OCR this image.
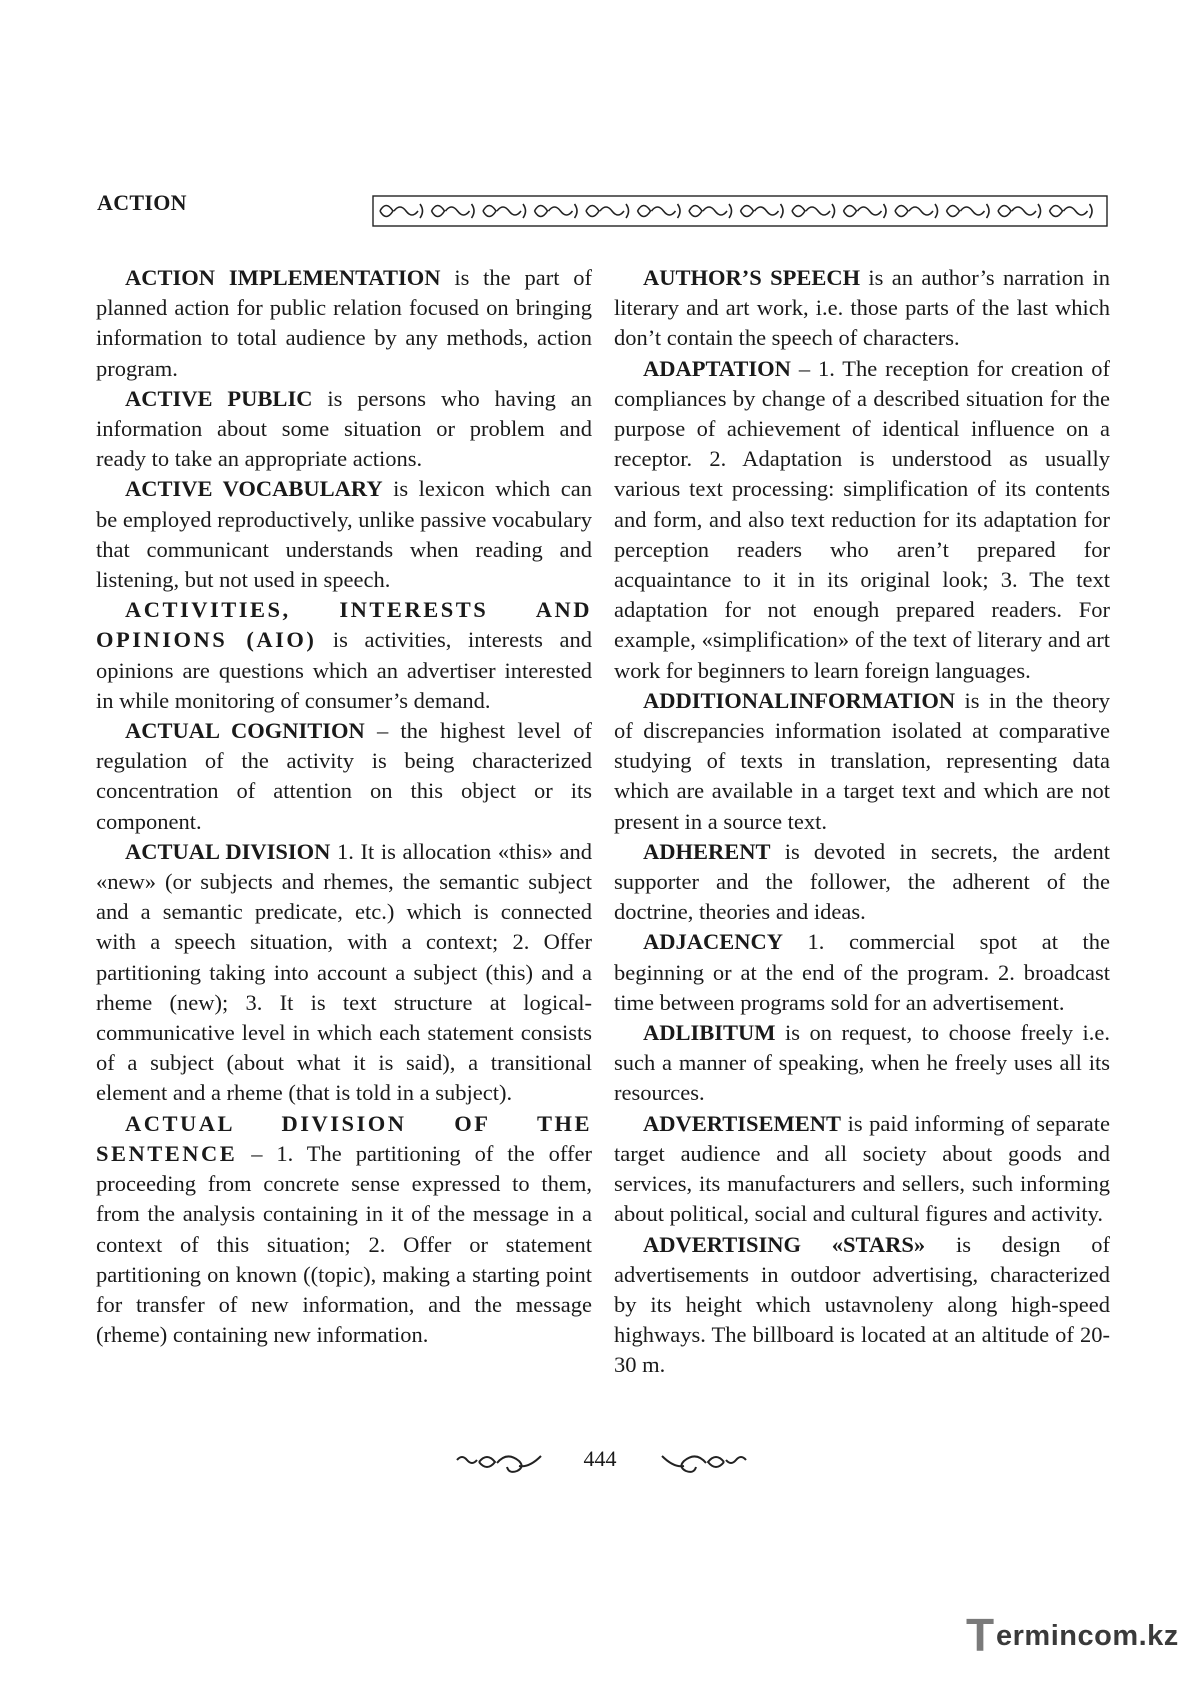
ACTION

ACTION IMPLEMENTATION is the part of planned action for public relation focused on bringing information to total audience by any methods, action program.

ACTIVE PUBLIC is persons who having an information about some situation or problem and ready to take an appropriate actions.

ACTIVE VOCABULARY is lexicon which can be employed reproductively, unlike passive vocabulary that communicant understands when reading and listening, but not used in speech.

ACTIVITIES, INTERESTS AND OPINIONS (AIO) is activities, interests and opinions are questions which an advertiser interested in while monitoring of consumer’s demand.

ACTUAL COGNITION – the highest level of regulation of the activity is being characterized concentration of attention on this object or its component.

ACTUAL DIVISION 1. It is allocation «this» and «new» (or subjects and rhemes, the semantic subject and a semantic predicate, etc.) which is connected with a speech situation, with a context; 2. Offer partitioning taking into account a subject (this) and a rheme (new); 3. It is text structure at logical-communicative level in which each statement consists of a subject (about what it is said), a transitional element and a rheme (that is told in a subject).

ACTUAL DIVISION OF THE SENTENCE – 1. The partitioning of the offer proceeding from concrete sense expressed to them, from the analysis containing in it of the message in a context of this situation; 2. Offer or statement partitioning on known ((topic), making a starting point for transfer of new information, and the message (rheme) containing new information.

AUTHOR’S SPEECH is an author’s narration in literary and art work, i.e. those parts of the last which don’t contain the speech of characters.

ADAPTATION – 1. The reception for creation of compliances by change of a described situation for the purpose of achievement of identical influence on a receptor. 2. Adaptation is understood as usually various text processing: simplification of its contents and form, and also text reduction for its adaptation for perception readers who aren’t prepared for acquaintance to it in its original look; 3. The text adaptation for not enough prepared readers. For example, «simplification» of the text of literary and art work for beginners to learn foreign languages.

ADDITIONALINFORMATION is in the theory of discrepancies information isolated at comparative studying of texts in translation, representing data which are available in a target text and which are not present in a source text.

ADHERENT is devoted in secrets, the ardent supporter and the follower, the adherent of the doctrine, theories and ideas.

ADJACENCY 1. commercial spot at the beginning or at the end of the program. 2. broadcast time between programs sold for an advertisement.

ADLIBITUM is on request, to choose freely i.e. such a manner of speaking, when he freely uses all its resources.

ADVERTISEMENT is paid informing of separate target audience and all society about goods and services, its manufacturers and sellers, such informing about political, social and cultural figures and activity.

ADVERTISING «STARS» is design of advertisements in outdoor advertising, characterized by its height which ustavnoleny along high-speed highways. The billboard is located at an altitude of 20-30 m.

444
T ermincom.kz
